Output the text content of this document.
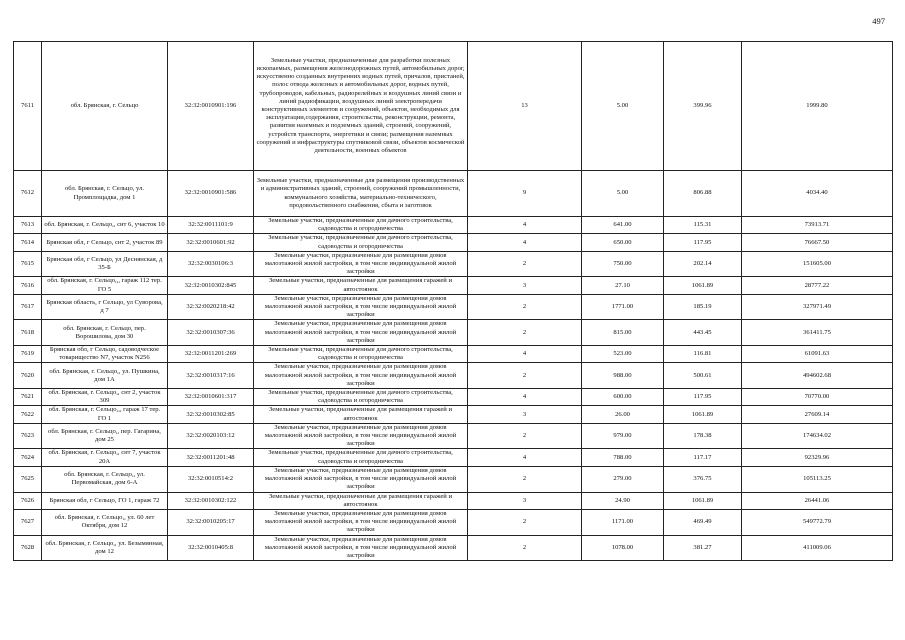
497
7611	обл. Брянская, г. Сельцо	32:32:0010901:196	Земельные участки, предназначенные для разработки полезных ископаемых, размещения железнодорожных путей, автомобильных дорог, искусственно созданных внутренних водных путей, причалов, пристаней, полос отвода железных и автомобильных дорог, водных путей, трубопроводов, кабельных, радиорелейных и воздушных линий связи и линий радиофикации, воздушных линий электропередачи конструктивных элементов и сооружений, объектов, необходимых для эксплуатации,содержания, строительства, реконструкции, ремонта, развития наземных и подземных зданий, строений, сооружений, устройств транспорта, энергетики и связи; размещения наземных сооружений и инфраструктуры спутниковой связи, объектов космической деятельности, военных объектов	13	5.00	399.96	1999.80
7612	обл. Брянская, г. Сельцо, ул. Промплощадка, дом 1	32:32:0010901:586	Земельные участки, предназначенные для размещения производственных и административных зданий, строений, сооружений промышленности, коммунального хозяйства, материально-технического, продовольственного снабжения, сбыта и заготовок	9	5.00	806.88	4034.40
7613	обл. Брянская, г. Сельцо,, снт 6, участок 10	32:32:0011101:9	Земельные участки, предназначенные для дачного строительства, садоводства и огородничества	4	641.00	115.31	73913.71
7614	Брянская обл, г Сельцо, снт 2, участок 89	32:32:0010601:92	Земельные участки, предназначенные для дачного строительства, садоводства и огородничества	4	650.00	117.95	76667.50
7615	Брянская обл, г Сельцо, ул Деснянская, д 35-Б	32:32:0030106:3	Земельные участки, предназначенные для размещения домов малоэтажной жилой застройки, в том числе индивидуальной жилой застройки	2	750.00	202.14	151605.00
7616	обл. Брянская, г. Сельцо,,, гараж 112 тер. ГО 5	32:32:0010302:845	Земельные участки, предназначенные для размещения гаражей и автостоянок	3	27.10	1061.89	28777.22
7617	Брянская область, г Сельцо, ул Суворова, д 7	32:32:0020218:42	Земельные участки, предназначенные для размещения домов малоэтажной жилой застройки, в том числе индивидуальной жилой застройки	2	1771.00	185.19	327971.49
7618	обл. Брянская, г. Сельцо, пер. Ворошилова, дом 30	32:32:0010307:36	Земельные участки, предназначенные для размещения домов малоэтажной жилой застройки, в том числе индивидуальной жилой застройки	2	815.00	443.45	361411.75
7619	Брянская обл, г Сельцо, садоводческое товарищество N7, участок N256	32:32:0011201:269	Земельные участки, предназначенные для дачного строительства, садоводства и огородничества	4	523.00	116.81	61091.63
7620	обл. Брянская, г. Сельцо,, ул. Пушкина, дом 1А	32:32:0010317:16	Земельные участки, предназначенные для размещения домов малоэтажной жилой застройки, в том числе индивидуальной жилой застройки	2	988.00	500.61	494602.68
7621	обл. Брянская, г. Сельцо,, снт 2, участок 309	32:32:0010601:317	Земельные участки, предназначенные для дачного строительства, садоводства и огородничества	4	600.00	117.95	70770.00
7622	обл. Брянская, г. Сельцо,,, гараж 17 тер. ГО 1	32:32:0010302:85	Земельные участки, предназначенные для размещения гаражей и автостоянок	3	26.00	1061.89	27609.14
7623	обл. Брянская, г. Сельцо,, пер. Гагарина, дом 25	32:32:0020103:12	Земельные участки, предназначенные для размещения домов малоэтажной жилой застройки, в том числе индивидуальной жилой застройки	2	979.00	178.38	174634.02
7624	обл. Брянская, г. Сельцо,, снт 7, участок 20А	32:32:0011201:48	Земельные участки, предназначенные для дачного строительства, садоводства и огородничества	4	788.00	117.17	92329.96
7625	обл. Брянская, г. Сельцо,, ул. Первомайская, дом 6-А	32:32:0010514:2	Земельные участки, предназначенные для размещения домов малоэтажной жилой застройки, в том числе индивидуальной жилой застройки	2	279.00	376.75	105113.25
7626	Брянская обл, г Сельцо, ГО 1, гараж 72	32:32:0010302:122	Земельные участки, предназначенные для размещения гаражей и автостоянок	3	24.90	1061.89	26441.06
7627	обл. Брянская, г. Сельцо,, ул. 60 лет Октября, дом 12	32:32:0010205:17	Земельные участки, предназначенные для размещения домов малоэтажной жилой застройки, в том числе индивидуальной жилой застройки	2	1171.00	469.49	549772.79
7628	обл. Брянская, г. Сельцо,, ул. Безымянная, дом 12	32:32:0010405:8	Земельные участки, предназначенные для размещения домов малоэтажной жилой застройки, в том числе индивидуальной жилой застройки	2	1078.00	381.27	411009.06
